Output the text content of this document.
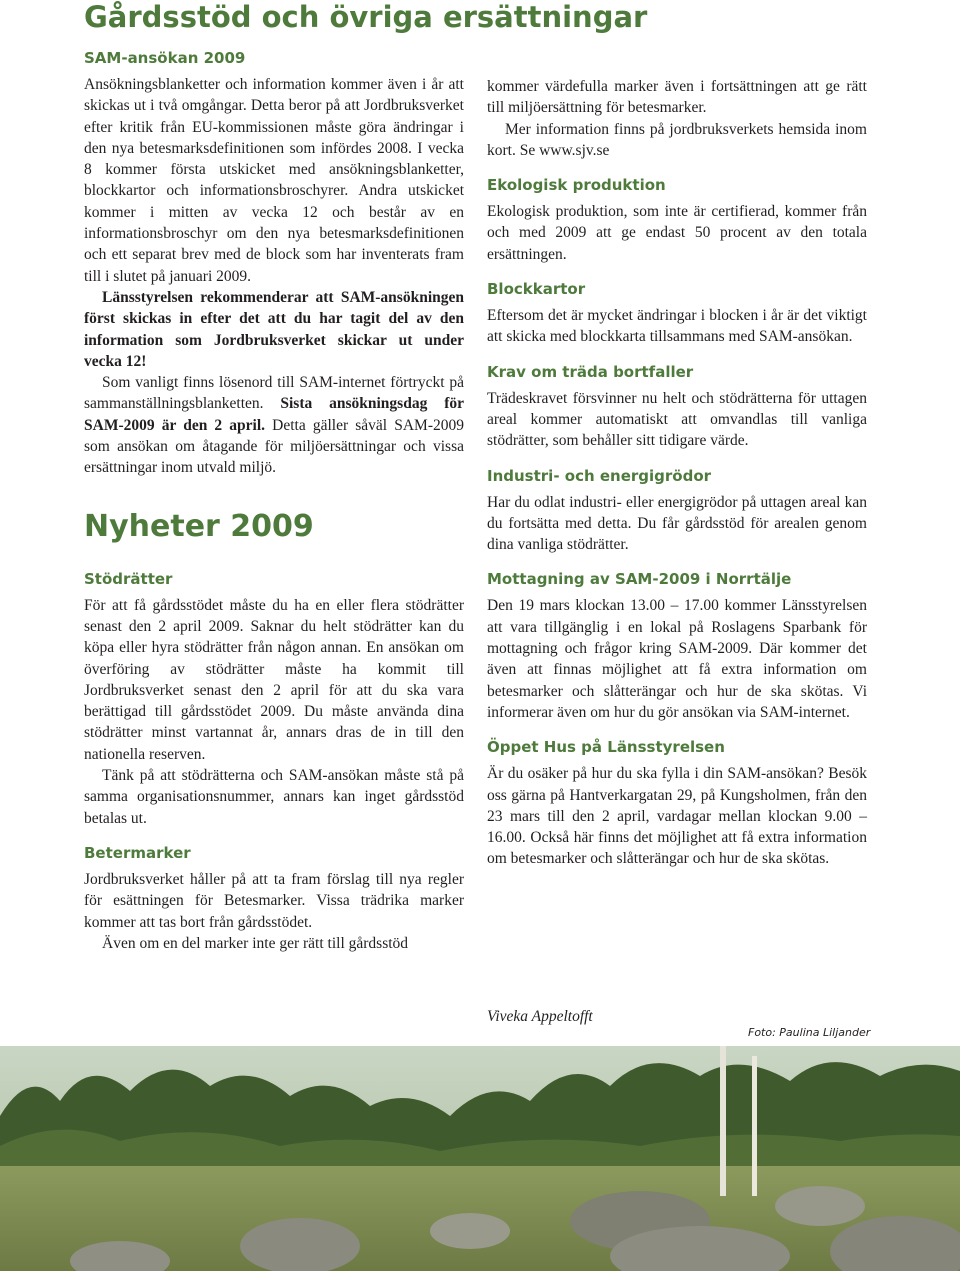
Gårdsstöd och övriga ersättningar
SAM-ansökan 2009

Ansökningsblanketter och information kommer även i år att skickas ut i två omgångar. Detta beror på att Jordbruksverket efter kritik från EU-kommissionen måste göra ändringar i den nya betesmarksdefinitionen som infördes 2008. I vecka 8 kommer första utskicket med ansökningsblanketter, blockkartor och informationsbroschyrer. Andra utskicket kommer i mitten av vecka 12 och består av en informationsbroschyr om den nya betesmarksdefinitionen och ett separat brev med de block som har inventerats fram till i slutet på januari 2009.

Länsstyrelsen rekommenderar att SAM-ansökningen först skickas in efter det att du har tagit del av den information som Jordbruksverket skickar ut under vecka 12!

Som vanligt finns lösenord till SAM-internet förtryckt på sammanställningsblanketten. Sista ansökningsdag för SAM-2009 är den 2 april. Detta gäller såväl SAM-2009 som ansökan om åtagande för miljöersättningar och vissa ersättningar inom utvald miljö.

Nyheter 2009
Stödrätter

För att få gårdsstödet måste du ha en eller flera stödrätter senast den 2 april 2009. Saknar du helt stödrätter kan du köpa eller hyra stödrätter från någon annan. En ansökan om överföring av stödrätter måste ha kommit till Jordbruksverket senast den 2 april för att du ska vara berättigad till gårdsstödet 2009. Du måste använda dina stödrätter minst vartannat år, annars dras de in till den nationella reserven.

Tänk på att stödrätterna och SAM-ansökan måste stå på samma organisationsnummer, annars kan inget gårdsstöd betalas ut.

Betermarker

Jordbruksverket håller på att ta fram förslag till nya regler för esättningen för Betesmarker. Vissa trädrika marker kommer att tas bort från gårdsstödet.

Även om en del marker inte ger rätt till gårdsstöd

kommer värdefulla marker även i fortsättningen att ge rätt till miljöersättning för betesmarker.

Mer information finns på jordbruksverkets hemsida inom kort. Se www.sjv.se

Ekologisk produktion

Ekologisk produktion, som inte är certifierad, kommer från och med 2009 att ge endast 50 procent av den totala ersättningen.

Blockkartor

Eftersom det är mycket ändringar i blocken i år är det viktigt att skicka med blockkarta tillsammans med SAM-ansökan.

Krav om träda bortfaller

Trädeskravet försvinner nu helt och stödrätterna för uttagen areal kommer automatiskt att omvandlas till vanliga stödrätter, som behåller sitt tidigare värde.

Industri- och energigrödor

Har du odlat industri- eller energigrödor på uttagen areal kan du fortsätta med detta. Du får gårdsstöd för arealen genom dina vanliga stödrätter.

Mottagning av SAM-2009 i Norrtälje

Den 19 mars klockan 13.00 – 17.00 kommer Länsstyrelsen att vara tillgänglig i en lokal på Roslagens Sparbank för mottagning och frågor kring SAM-2009. Där kommer det även att finnas möjlighet att få extra information om betesmarker och slåtterängar och hur de ska skötas. Vi informerar även om hur du gör ansökan via SAM-internet.

Öppet Hus på Länsstyrelsen

Är du osäker på hur du ska fylla i din SAM-ansökan? Besök oss gärna på Hantverkargatan 29, på Kungsholmen, från den 23 mars till den 2 april, vardagar mellan klockan 9.00 – 16.00. Också här finns det möjlighet att få extra information om betesmarker och slåtterängar och hur de ska skötas.

Viveka Appeltofft

Foto: Paulina Liljander
